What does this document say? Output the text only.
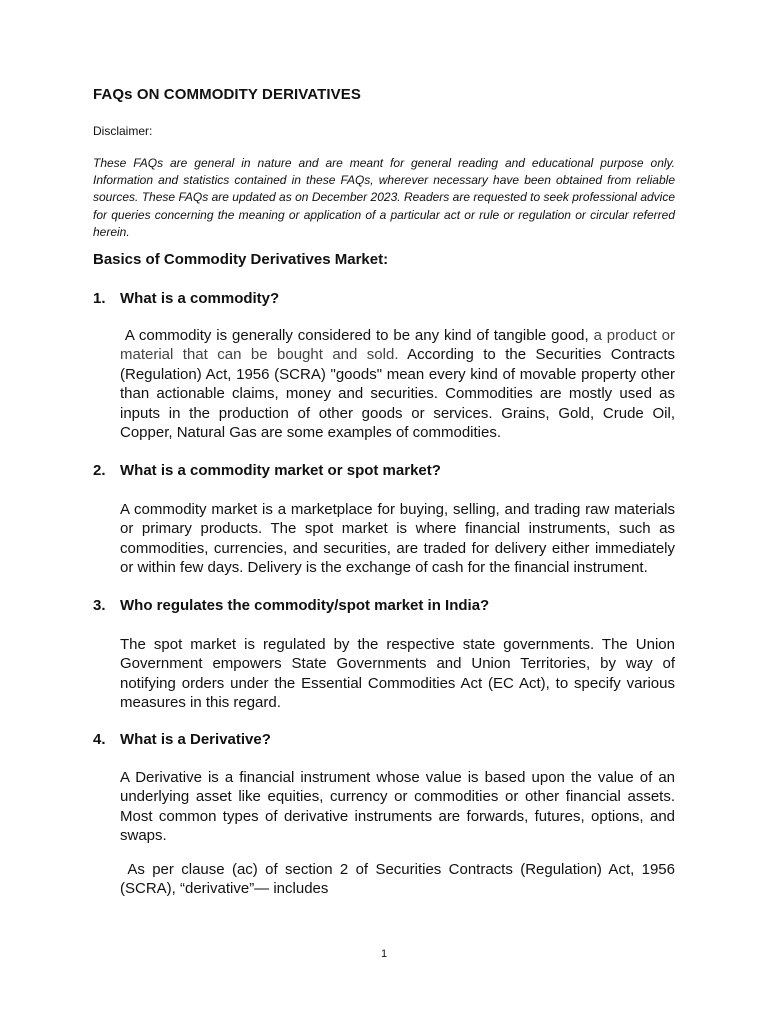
FAQs ON COMMODITY DERIVATIVES
Disclaimer:
These FAQs are general in nature and are meant for general reading and educational purpose only. Information and statistics contained in these FAQs, wherever necessary have been obtained from reliable sources. These FAQs are updated as on December 2023. Readers are requested to seek professional advice for queries concerning the meaning or application of a particular act or rule or regulation or circular referred herein.
Basics of Commodity Derivatives Market:
1. What is a commodity?
A commodity is generally considered to be any kind of tangible good, a product or material that can be bought and sold. According to the Securities Contracts (Regulation) Act, 1956 (SCRA) "goods" mean every kind of movable property other than actionable claims, money and securities. Commodities are mostly used as inputs in the production of other goods or services. Grains, Gold, Crude Oil, Copper, Natural Gas are some examples of commodities.
2. What is a commodity market or spot market?
A commodity market is a marketplace for buying, selling, and trading raw materials or primary products. The spot market is where financial instruments, such as commodities, currencies, and securities, are traded for delivery either immediately or within few days. Delivery is the exchange of cash for the financial instrument.
3. Who regulates the commodity/spot market in India?
The spot market is regulated by the respective state governments. The Union Government empowers State Governments and Union Territories, by way of notifying orders under the Essential Commodities Act (EC Act), to specify various measures in this regard.
4. What is a Derivative?
A Derivative is a financial instrument whose value is based upon the value of an underlying asset like equities, currency or commodities or other financial assets. Most common types of derivative instruments are forwards, futures, options, and swaps.
As per clause (ac) of section 2 of Securities Contracts (Regulation) Act, 1956 (SCRA), “derivative”— includes
1
